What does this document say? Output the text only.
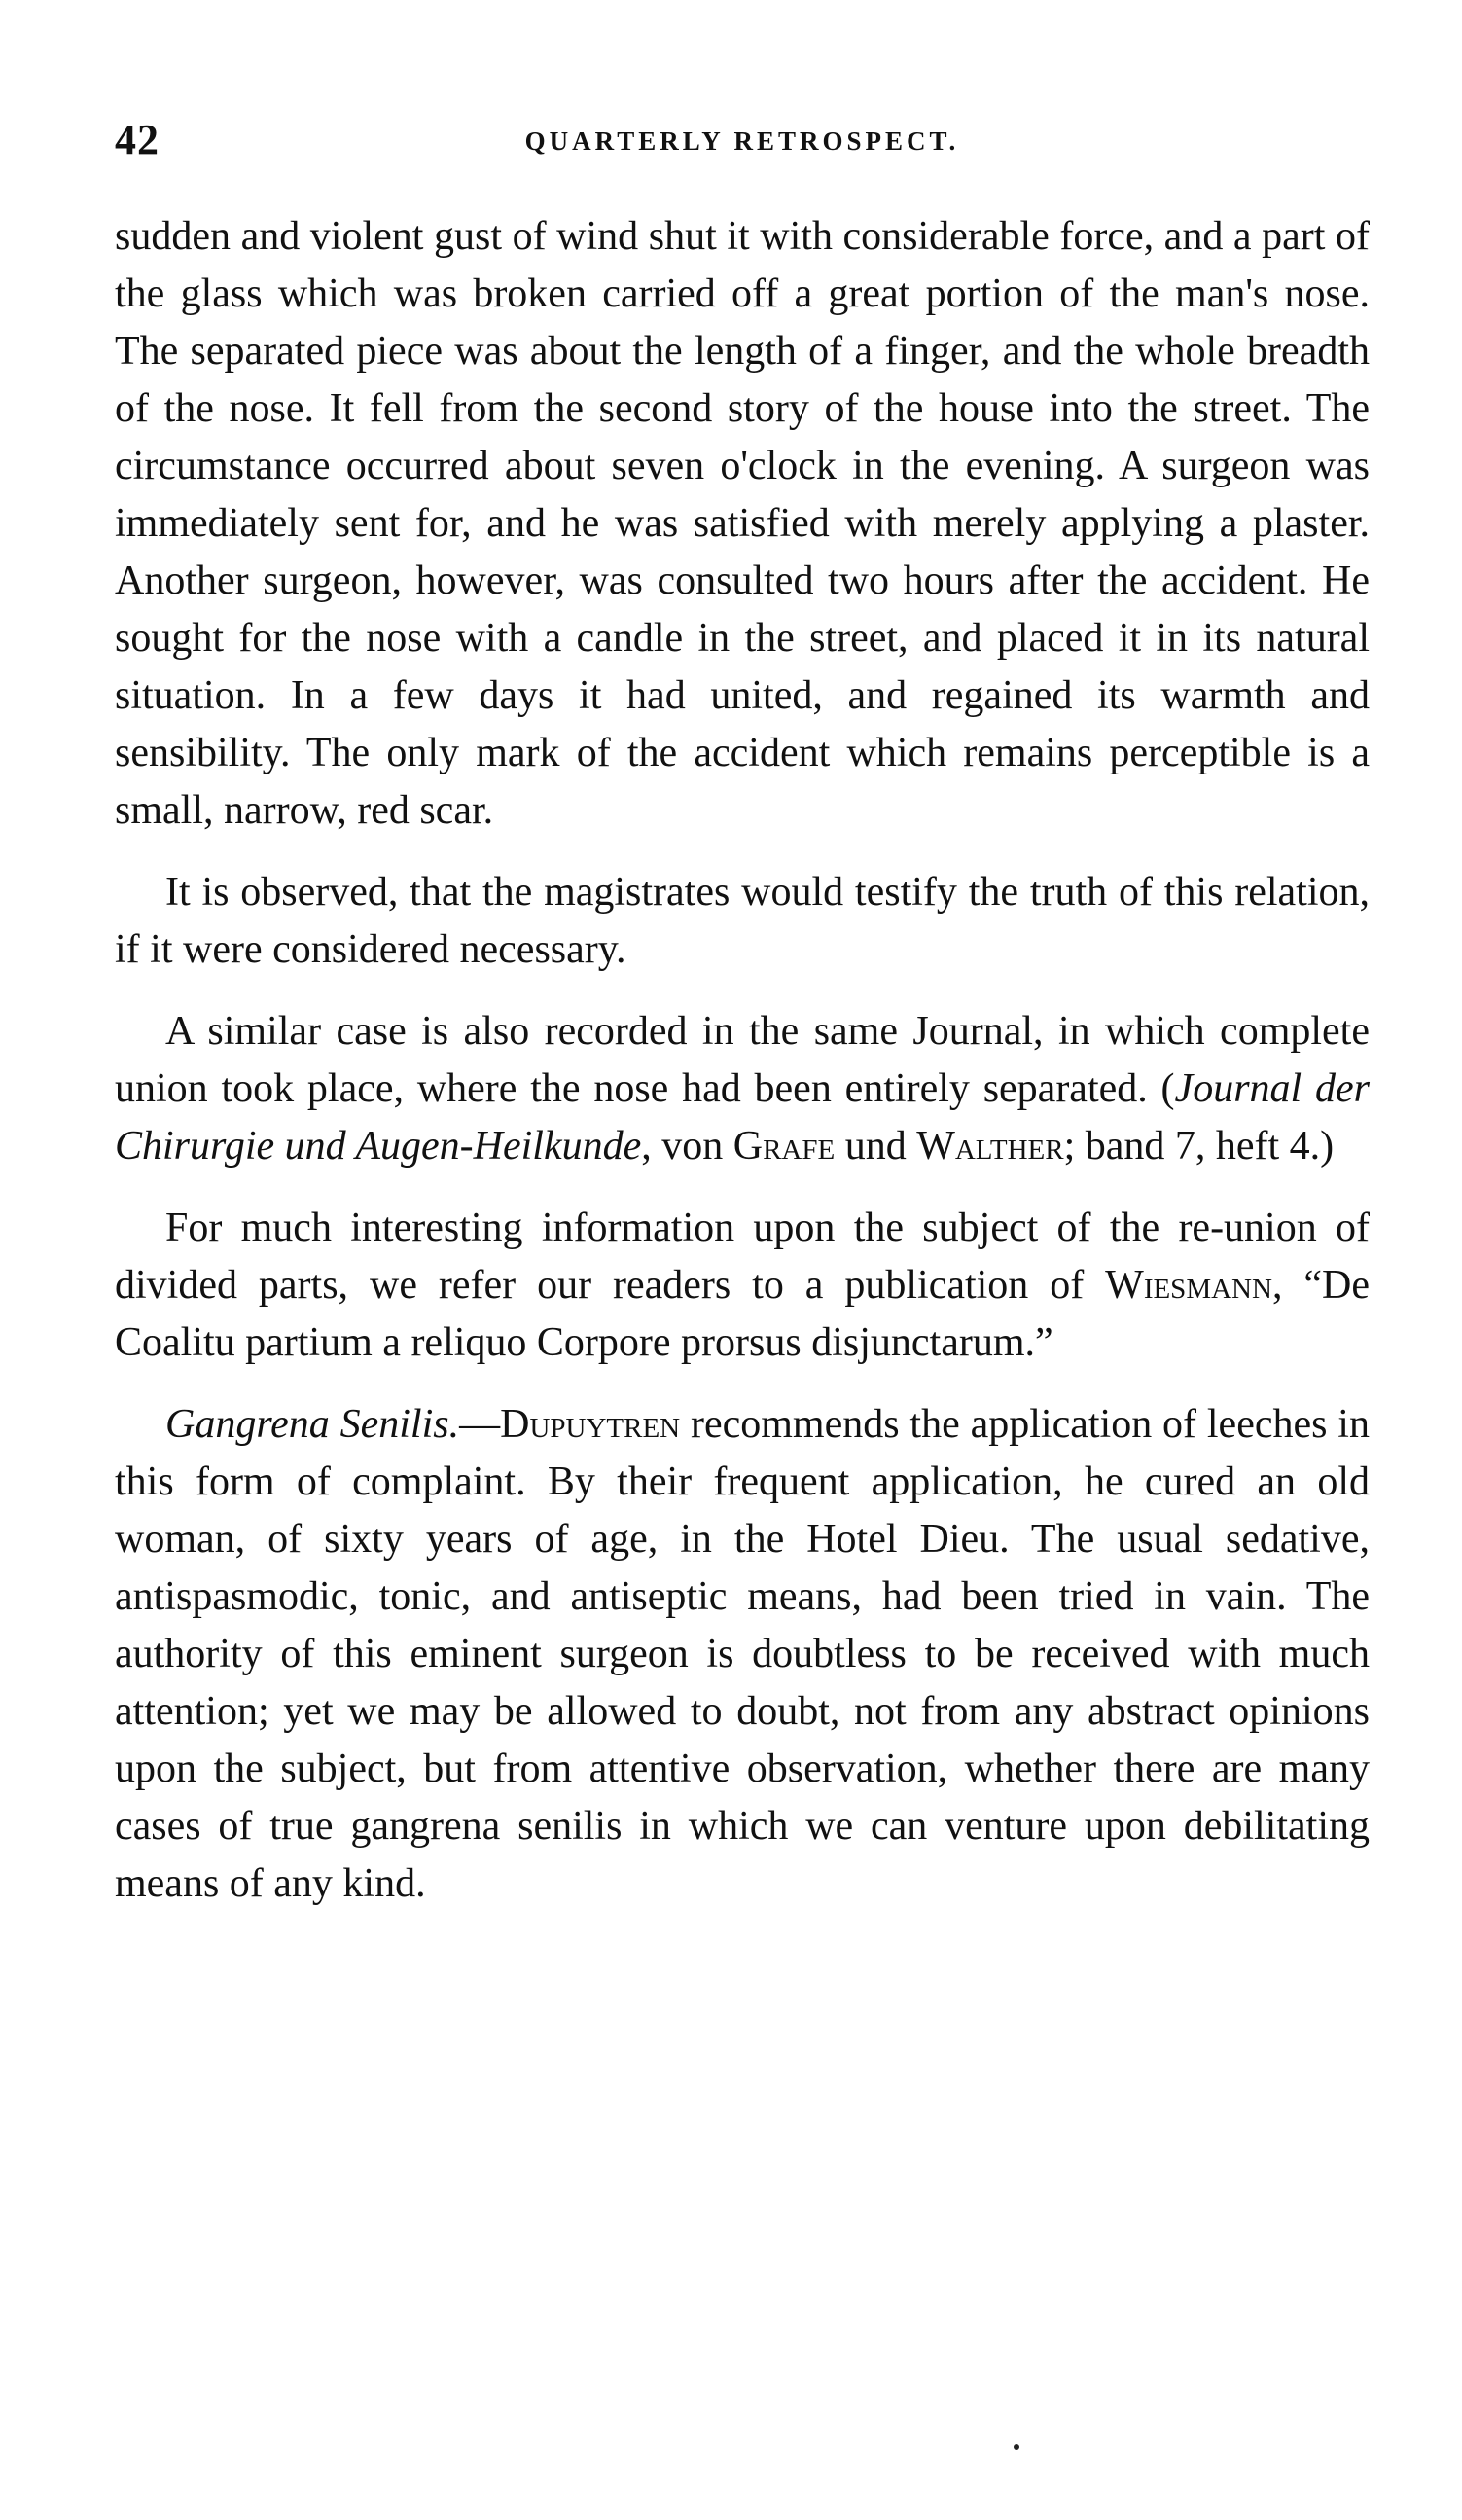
42	QUARTERLY RETROSPECT.

sudden and violent gust of wind shut it with considerable force, and a part of the glass which was broken carried off a great portion of the man's nose. The separated piece was about the length of a finger, and the whole breadth of the nose. It fell from the second story of the house into the street. The circumstance occurred about seven o'clock in the evening. A surgeon was immediately sent for, and he was satisfied with merely applying a plaster. Another surgeon, however, was consulted two hours after the accident. He sought for the nose with a candle in the street, and placed it in its natural situation. In a few days it had united, and regained its warmth and sensibility. The only mark of the accident which remains perceptible is a small, narrow, red scar.

It is observed, that the magistrates would testify the truth of this relation, if it were considered necessary.

A similar case is also recorded in the same Journal, in which complete union took place, where the nose had been entirely separated. (Journal der Chirurgie und Augen-Heilkunde, von Grafe und Walther; band 7, heft 4.)

For much interesting information upon the subject of the re-union of divided parts, we refer our readers to a publication of Wiesmann, “De Coalitu partium a reliquo Corpore prorsus disjunctarum.”

Gangrena Senilis.—Dupuytren recommends the application of leeches in this form of complaint. By their frequent application, he cured an old woman, of sixty years of age, in the Hotel Dieu. The usual sedative, antispasmodic, tonic, and antiseptic means, had been tried in vain. The authority of this eminent surgeon is doubtless to be received with much attention; yet we may be allowed to doubt, not from any abstract opinions upon the subject, but from attentive observation, whether there are many cases of true gangrena senilis in which we can venture upon debilitating means of any kind.
